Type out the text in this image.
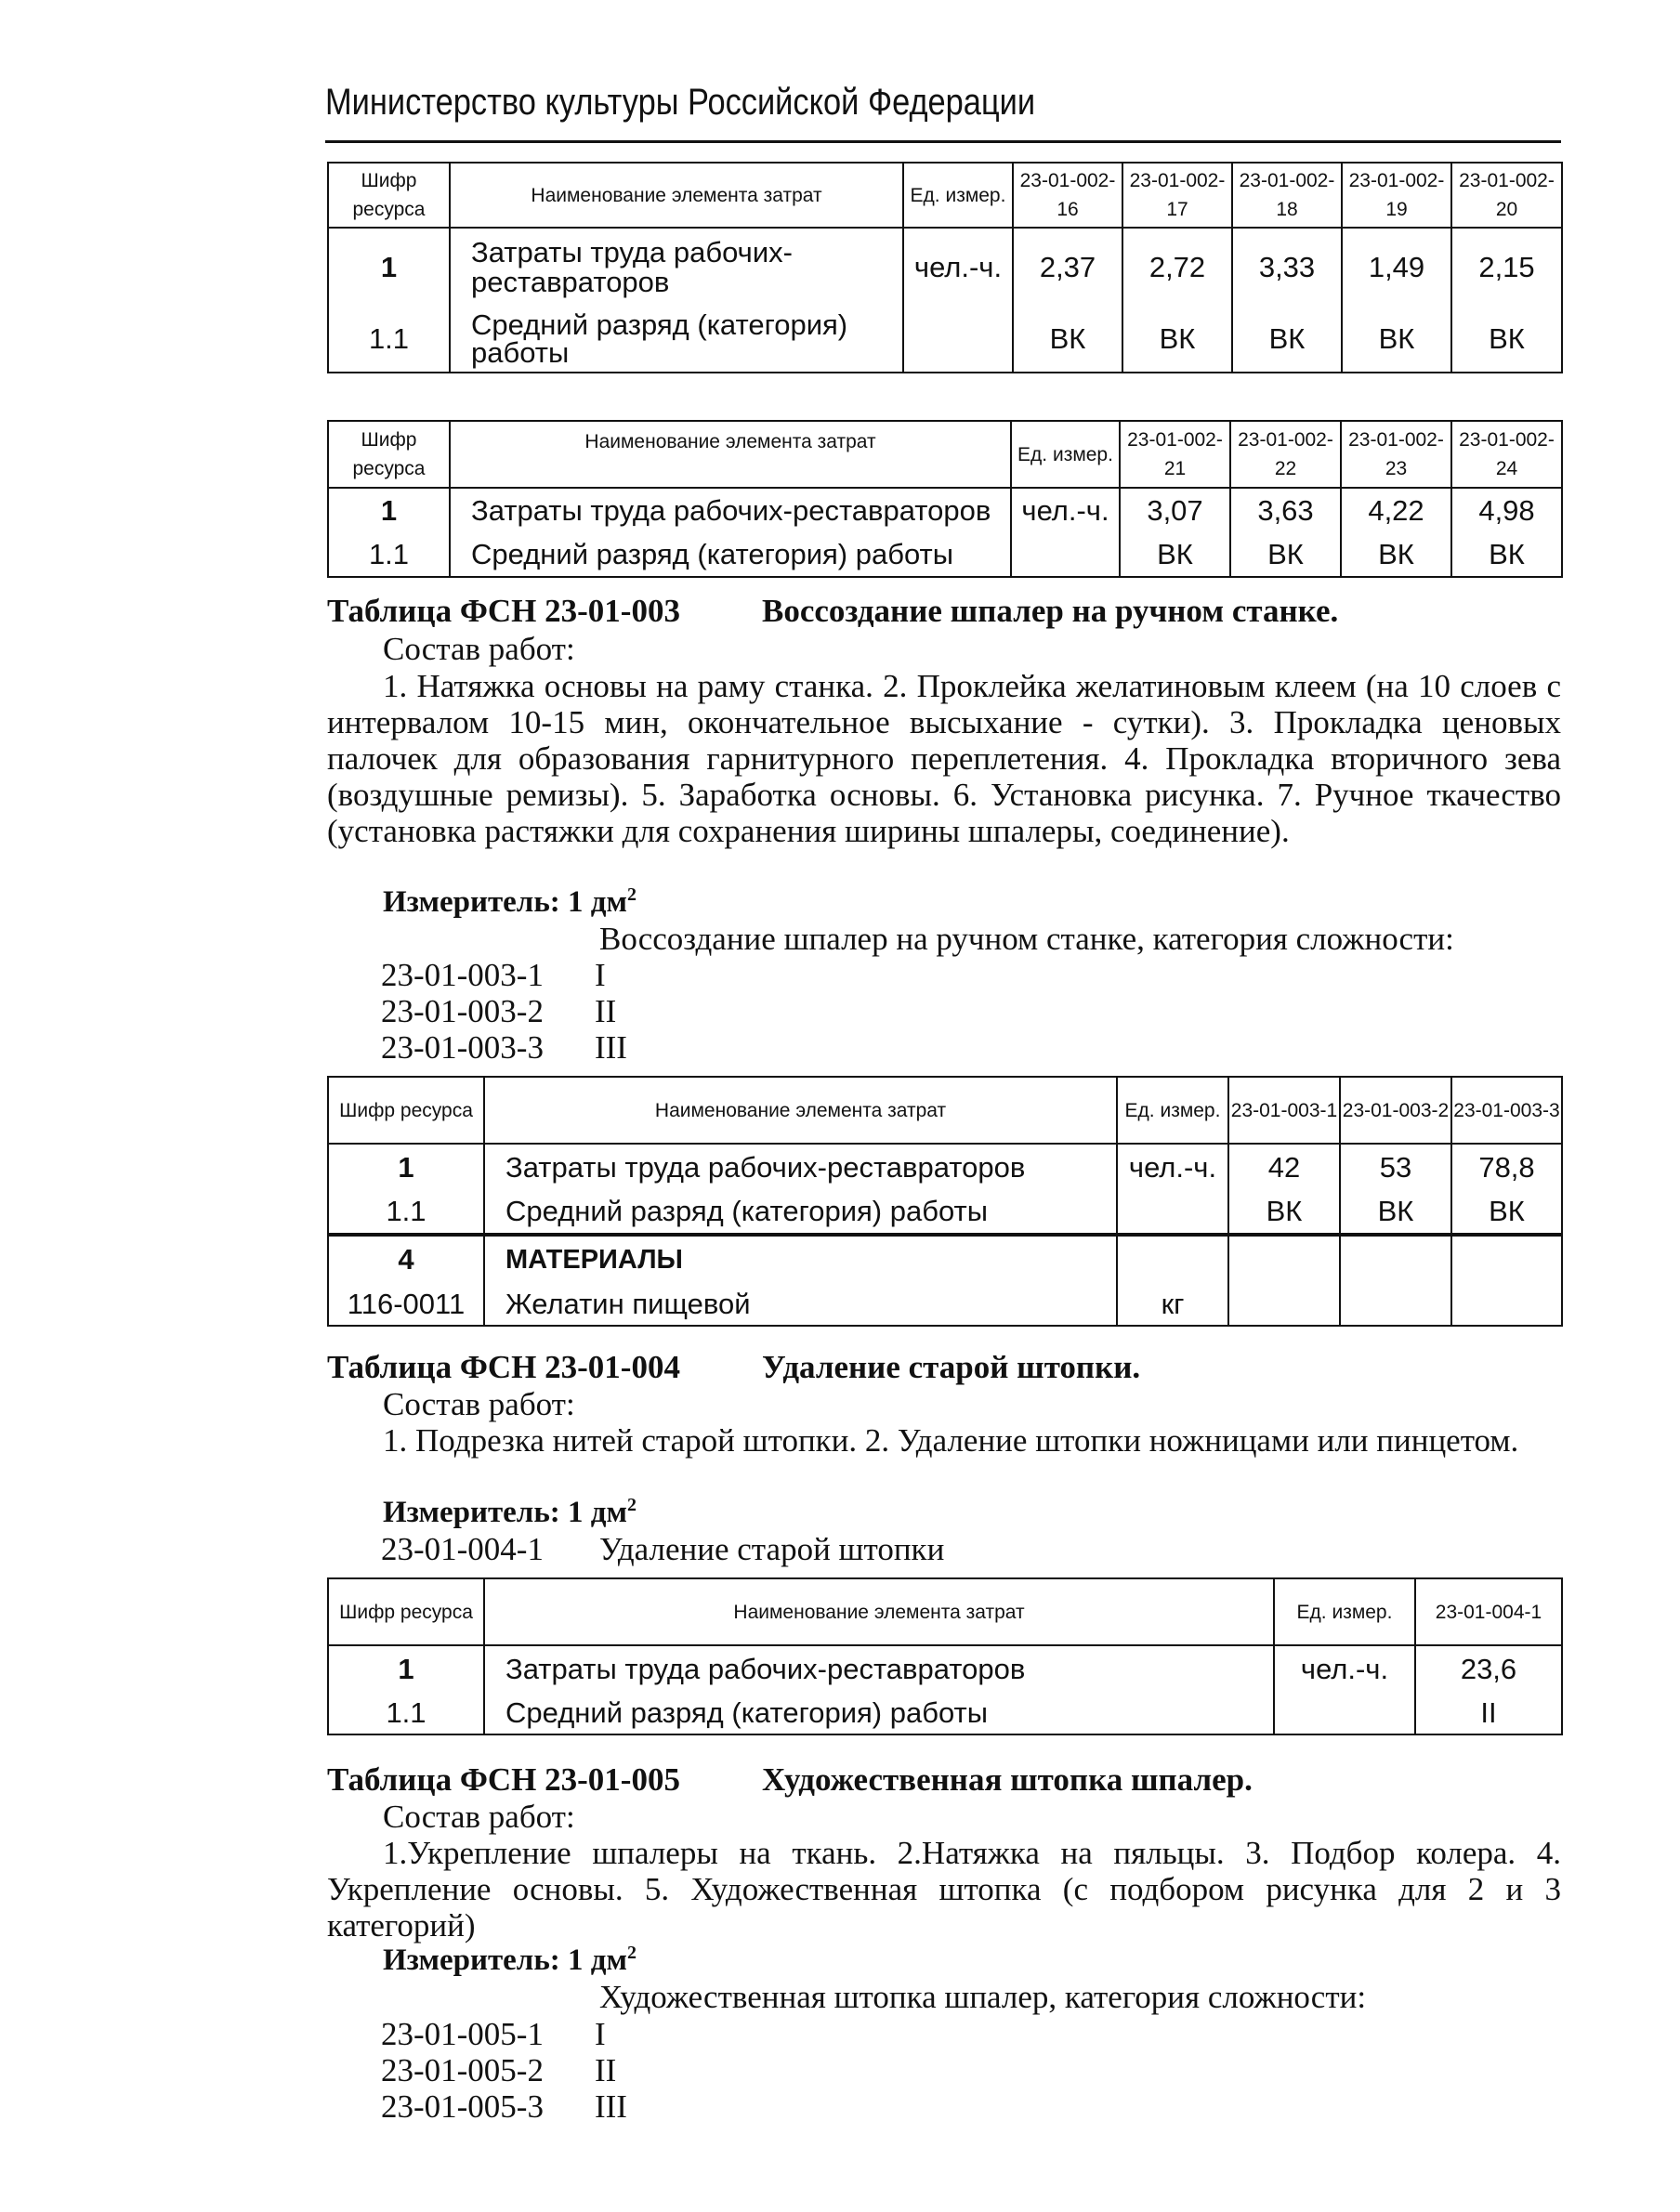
Министерство культуры Российской Федерации
Шифр ресурса	Наименование элемента затрат	Ед. измер.	23-01-002-16	23-01-002-17	23-01-002-18	23-01-002-19	23-01-002-20
1	Затраты труда рабочих-реставраторов	чел.-ч.	2,37	2,72	3,33	1,49	2,15
1.1	Средний разряд (категория) работы		ВК	ВК	ВК	ВК	ВК
Шифр ресурса	Наименование элемента затрат	Ед. измер.	23-01-002-21	23-01-002-22	23-01-002-23	23-01-002-24
1	Затраты труда рабочих-реставраторов	чел.-ч.	3,07	3,63	4,22	4,98
1.1	Средний разряд (категория) работы		ВК	ВК	ВК	ВК
Таблица ФСН 23-01-003	Воссоздание шпалер на ручном станке.
Состав работ:
1. Натяжка основы на раму станка. 2. Проклейка желатиновым клеем (на 10 слоев с интервалом 10-15 мин, окончательное высыхание - сутки). 3. Прокладка ценовых палочек для образования гарнитурного переплетения. 4. Прокладка вторичного зева (воздушные ремизы). 5. Заработка основы. 6. Установка рисунка. 7. Ручное ткачество (установка растяжки для сохранения ширины шпалеры, соединение).
Измеритель: 1 $дм^2$
Воссоздание шпалер на ручном станке, категория сложности:
23-01-003-1 I
23-01-003-2 II
23-01-003-3 III
Шифр ресурса	Наименование элемента затрат	Ед. измер.	23-01-003-1	23-01-003-2	23-01-003-3
1	Затраты труда рабочих-реставраторов	чел.-ч.	42	53	78,8
1.1	Средний разряд (категория) работы		ВК	ВК	ВК
4	МАТЕРИАЛЫ				
116-0011	Желатин пищевой	кг			
Таблица ФСН 23-01-004	Удаление старой штопки.
Состав работ:
1. Подрезка нитей старой штопки. 2. Удаление штопки ножницами или пинцетом.
Измеритель: 1 $дм^2$
23-01-004-1 Удаление старой штопки
Шифр ресурса	Наименование элемента затрат	Ед. измер.	23-01-004-1
1	Затраты труда рабочих-реставраторов	чел.-ч.	23,6
1.1	Средний разряд (категория) работы		II
Таблица ФСН 23-01-005	Художественная штопка шпалер.
Состав работ:
1.Укрепление шпалеры на ткань. 2.Натяжка на пяльцы. 3. Подбор колера. 4. Укрепление основы. 5. Художественная штопка (с подбором рисунка для 2 и 3 категорий)
Измеритель: 1 $дм^2$
Художественная штопка шпалер, категория сложности:
23-01-005-1 I
23-01-005-2 II
23-01-005-3 III
